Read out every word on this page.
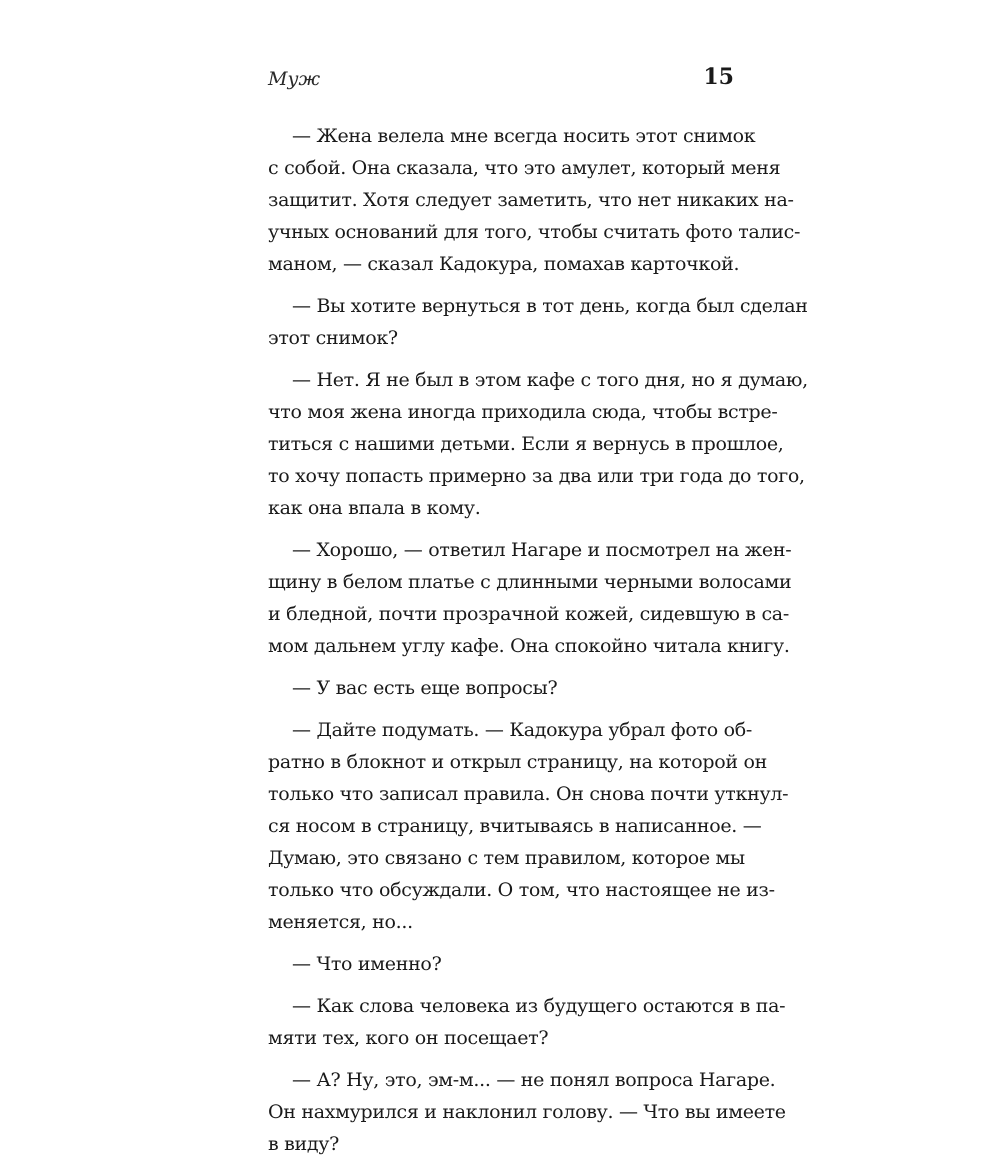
Муж	15
— Жена велела мне всегда носить этот снимок
с собой. Она сказала, что это амулет, который меня
защитит. Хотя следует заметить, что нет никаких на-
учных оснований для того, чтобы считать фото талис-
маном, — сказал Кадокура, помахав карточкой.
— Вы хотите вернуться в тот день, когда был сделан
этот снимок?
— Нет. Я не был в этом кафе с того дня, но я думаю,
что моя жена иногда приходила сюда, чтобы встре-
титься с нашими детьми. Если я вернусь в прошлое,
то хочу попасть примерно за два или три года до того,
как она впала в кому.
— Хорошо, — ответил Нагаре и посмотрел на жен-
щину в белом платье с длинными черными волосами
и бледной, почти прозрачной кожей, сидевшую в са-
мом дальнем углу кафе. Она спокойно читала книгу.
— У вас есть еще вопросы?
— Дайте подумать. — Кадокура убрал фото об-
ратно в блокнот и открыл страницу, на которой он
только что записал правила. Он снова почти уткнул-
ся носом в страницу, вчитываясь в написанное. —
Думаю, это связано с тем правилом, которое мы
только что обсуждали. О том, что настоящее не из-
меняется, но...
— Что именно?
— Как слова человека из будущего остаются в па-
мяти тех, кого он посещает?
— А? Ну, это, эм-м... — не понял вопроса Нагаре.
Он нахмурился и наклонил голову. — Что вы имеете
в виду?
